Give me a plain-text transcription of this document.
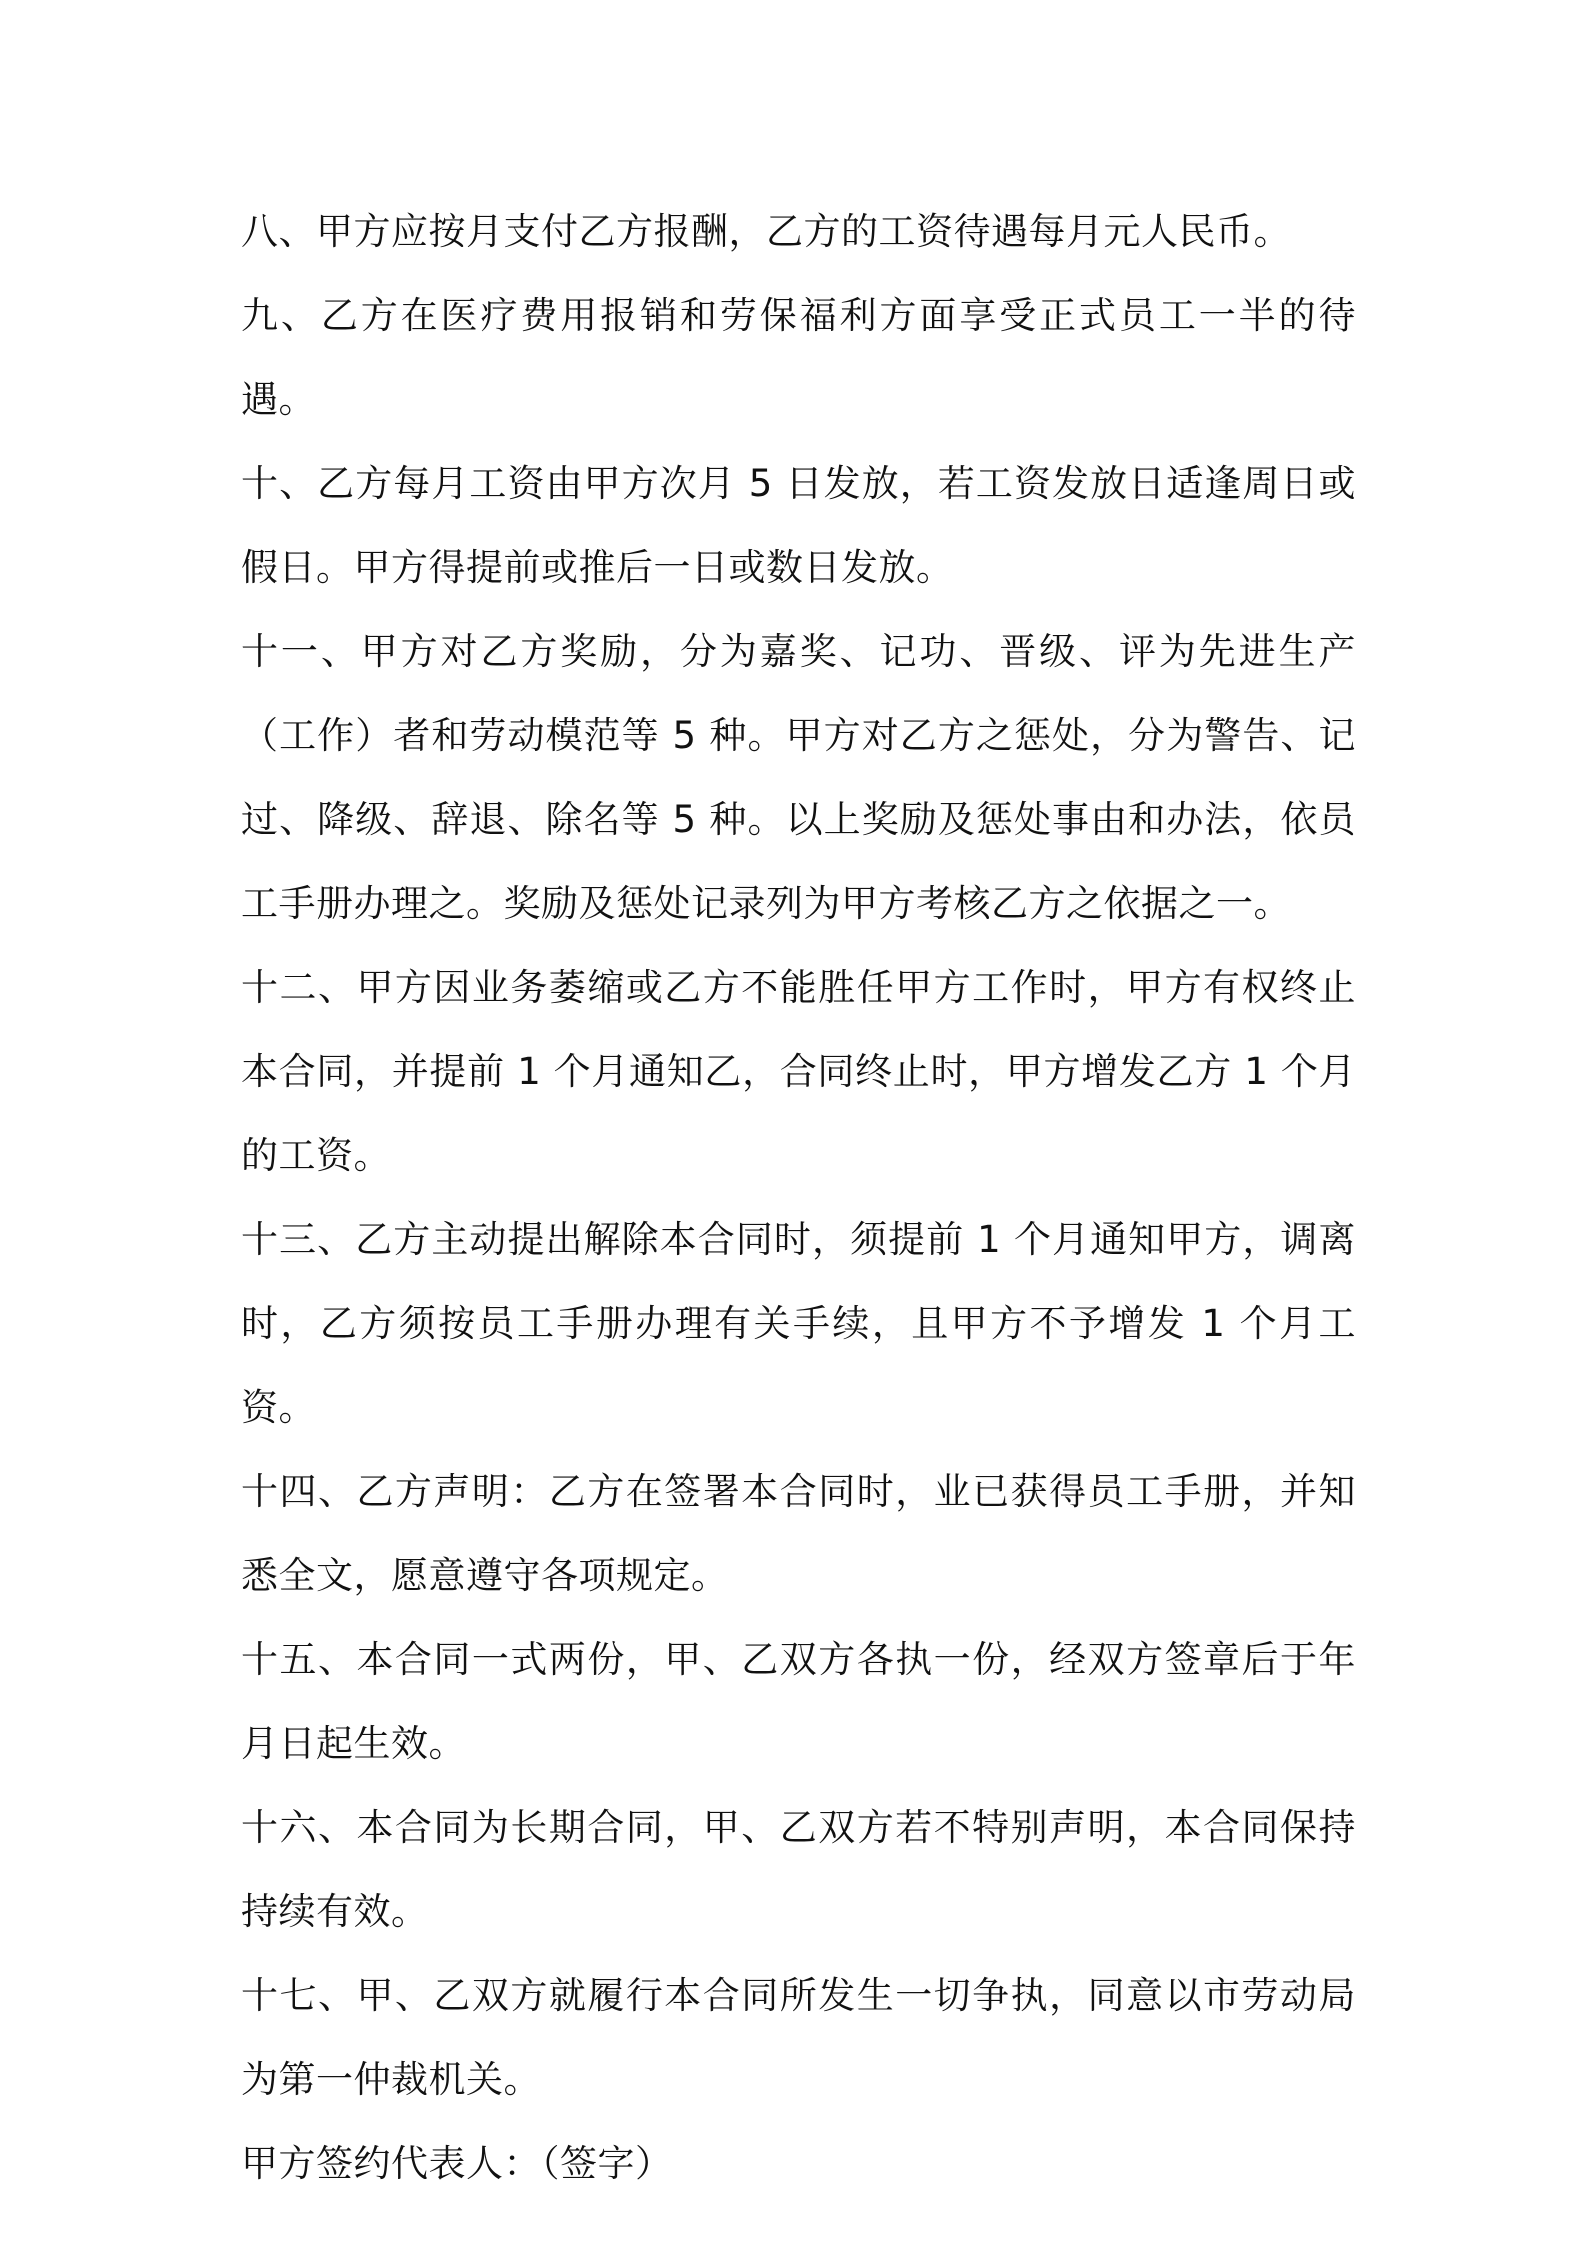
八、甲方应按月支付乙方报酬，乙方的工资待遇每月元人民币。

九、乙方在医疗费用报销和劳保福利方面享受正式员工一半的待遇。

十、乙方每月工资由甲方次月 5 日发放，若工资发放日适逢周日或假日。甲方得提前或推后一日或数日发放。

十一、甲方对乙方奖励，分为嘉奖、记功、晋级、评为先进生产（工作）者和劳动模范等 5 种。甲方对乙方之惩处，分为警告、记过、降级、辞退、除名等 5 种。以上奖励及惩处事由和办法，依员工手册办理之。奖励及惩处记录列为甲方考核乙方之依据之一。

十二、甲方因业务萎缩或乙方不能胜任甲方工作时，甲方有权终止本合同，并提前 1 个月通知乙，合同终止时，甲方增发乙方 1 个月的工资。

十三、乙方主动提出解除本合同时，须提前 1 个月通知甲方，调离时，乙方须按员工手册办理有关手续，且甲方不予增发 1 个月工资。

十四、乙方声明：乙方在签署本合同时，业已获得员工手册，并知悉全文，愿意遵守各项规定。

十五、本合同一式两份，甲、乙双方各执一份，经双方签章后于年月日起生效。

十六、本合同为长期合同，甲、乙双方若不特别声明，本合同保持持续有效。

十七、甲、乙双方就履行本合同所发生一切争执，同意以市劳动局为第一仲裁机关。

甲方签约代表人：（签字）
